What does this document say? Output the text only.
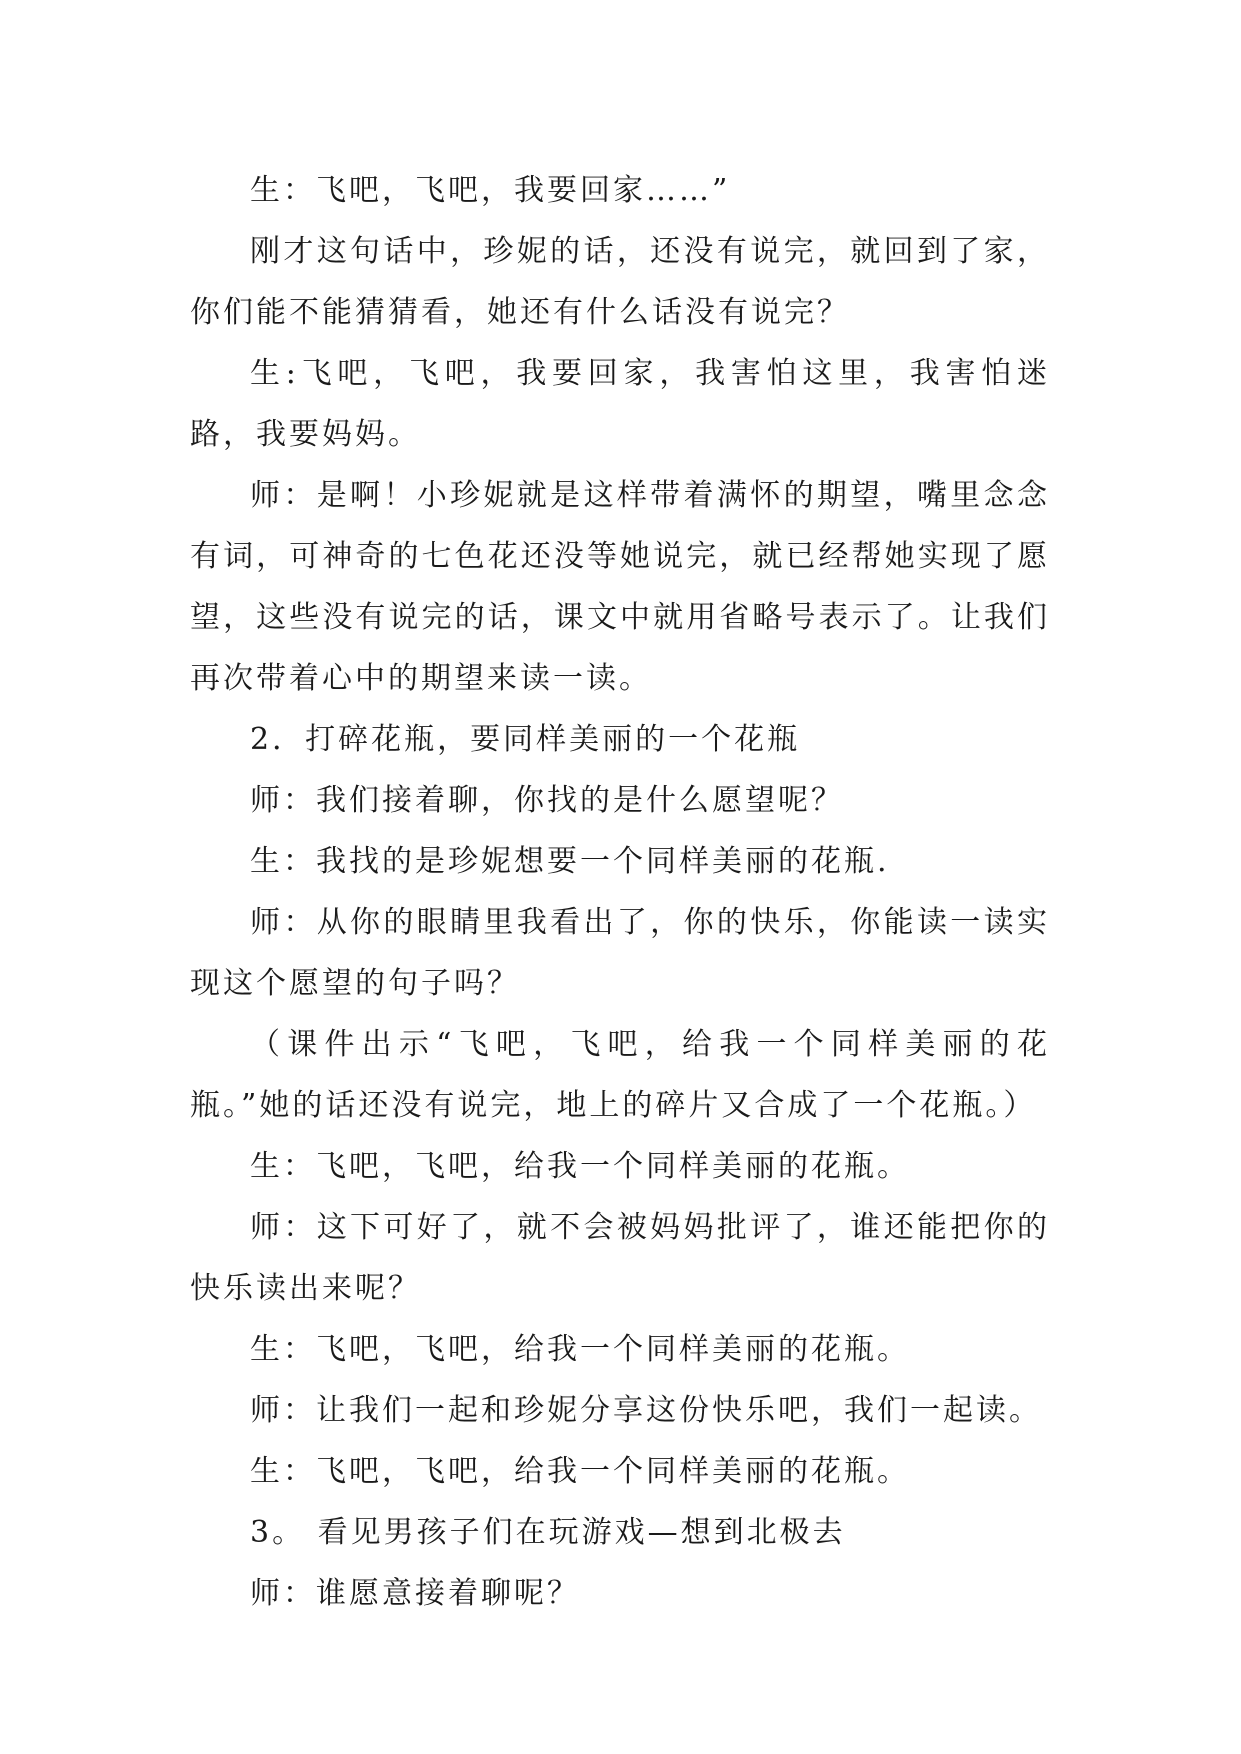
生：飞吧，飞吧，我要回家……”

刚才这句话中，珍妮的话，还没有说完，就回到了家，你们能不能猜猜看，她还有什么话没有说完？

生:飞吧，飞吧，我要回家，我害怕这里，我害怕迷路，我要妈妈。

师：是啊！小珍妮就是这样带着满怀的期望，嘴里念念有词，可神奇的七色花还没等她说完，就已经帮她实现了愿望，这些没有说完的话，课文中就用省略号表示了。让我们再次带着心中的期望来读一读。

2．打碎花瓶，要同样美丽的一个花瓶

师：我们接着聊，你找的是什么愿望呢？

生：我找的是珍妮想要一个同样美丽的花瓶.

师：从你的眼睛里我看出了，你的快乐，你能读一读实现这个愿望的句子吗？

（课件出示“飞吧，飞吧，给我一个同样美丽的花瓶。”她的话还没有说完，地上的碎片又合成了一个花瓶。）

生：飞吧，飞吧，给我一个同样美丽的花瓶。

师：这下可好了，就不会被妈妈批评了，谁还能把你的快乐读出来呢？

生：飞吧，飞吧，给我一个同样美丽的花瓶。

师：让我们一起和珍妮分享这份快乐吧，我们一起读。

生：飞吧，飞吧，给我一个同样美丽的花瓶。

3。 看见男孩子们在玩游戏—想到北极去

师：谁愿意接着聊呢？
